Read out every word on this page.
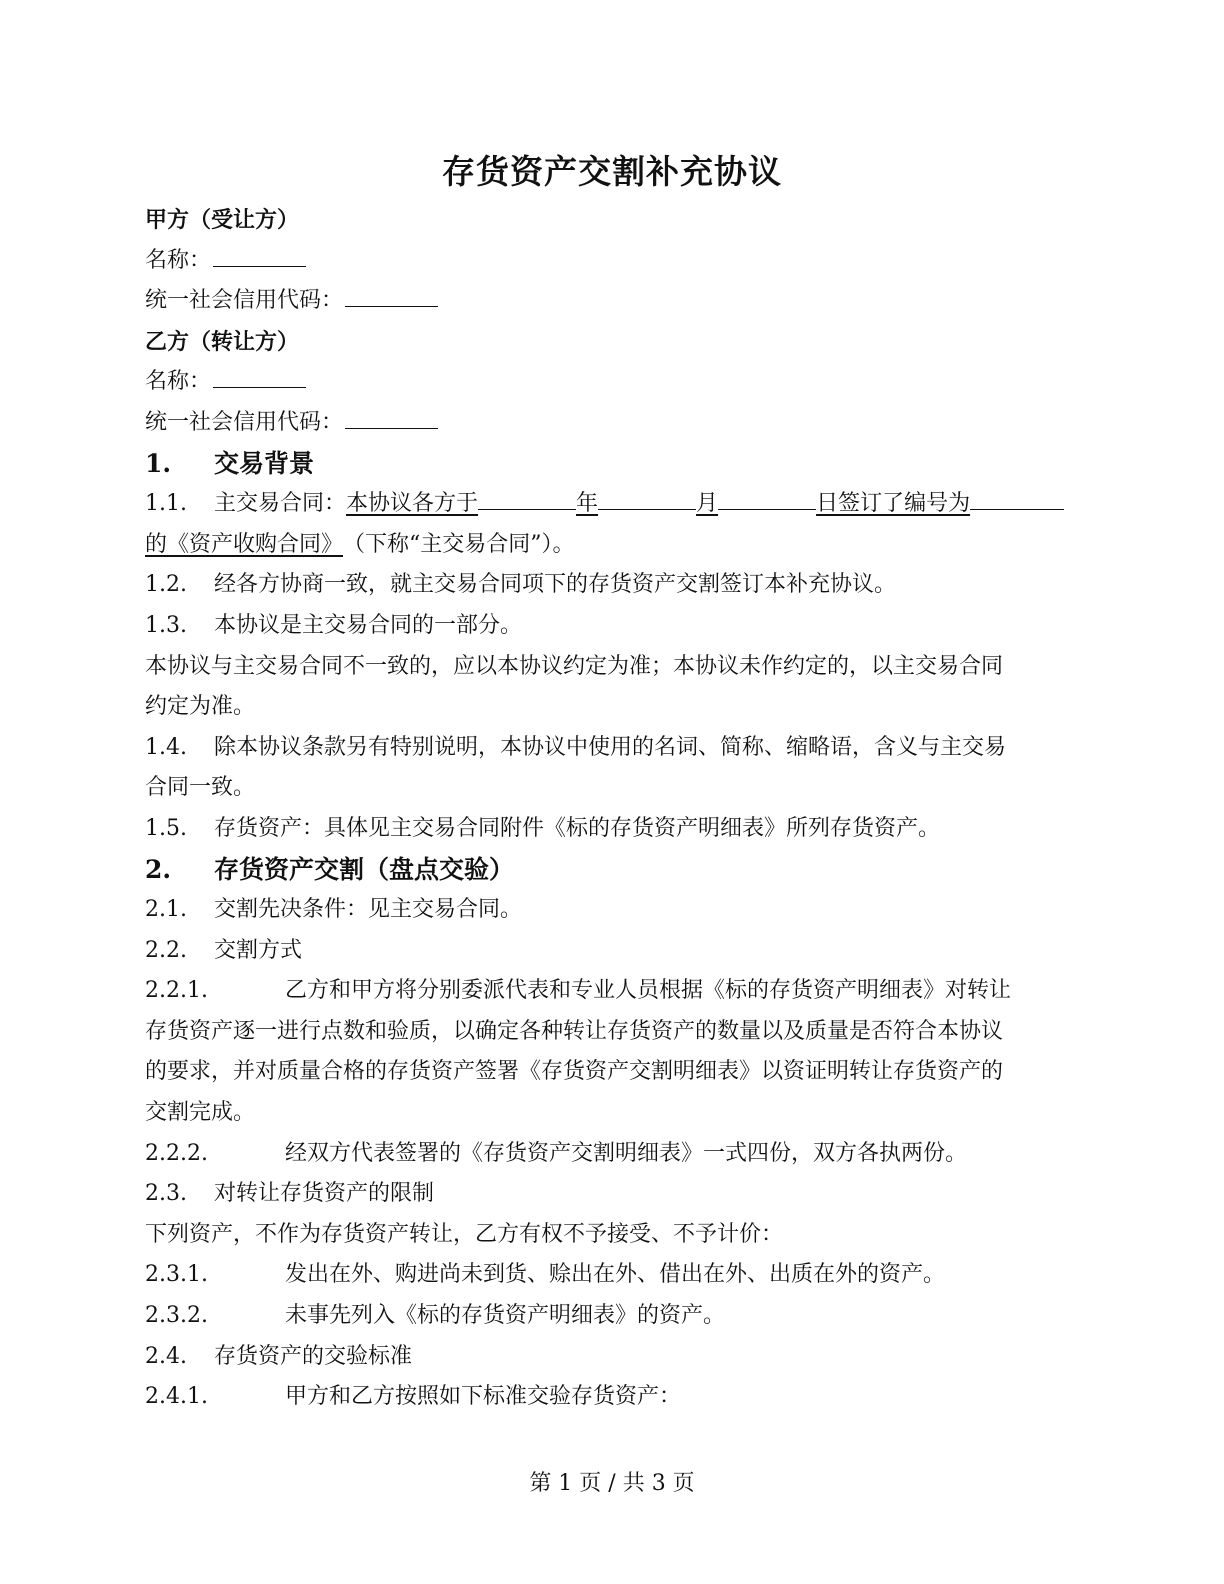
存货资产交割补充协议
甲方（受让方）
名称：
统一社会信用代码：
乙方（转让方）
名称：
统一社会信用代码：
1.	交易背景
1.1.	主交易合同： 本协议各方于	年	月	日签订了编号为
的《资产收购合同》 （下称“主交易合同”）。
1.2.	经各方协商一致，就主交易合同项下的存货资产交割签订本补充协议。
1.3.	本协议是主交易合同的一部分。
本协议与主交易合同不一致的，应以本协议约定为准；本协议未作约定的，以主交易合同
约定为准。
1.4.	除本协议条款另有特别说明，本协议中使用的名词、简称、缩略语，含义与主交易
合同一致。
1.5.	存货资产：具体见主交易合同附件《标的存货资产明细表》所列存货资产。
2.	存货资产交割（盘点交验）
2.1.	交割先决条件：见主交易合同。
2.2.	交割方式
2.2.1.	乙方和甲方将分别委派代表和专业人员根据《标的存货资产明细表》对转让
存货资产逐一进行点数和验质，以确定各种转让存货资产的数量以及质量是否符合本协议
的要求，并对质量合格的存货资产签署《存货资产交割明细表》以资证明转让存货资产的
交割完成。
2.2.2.	经双方代表签署的《存货资产交割明细表》一式四份，双方各执两份。
2.3.	对转让存货资产的限制
下列资产，不作为存货资产转让，乙方有权不予接受、不予计价：
2.3.1.	发出在外、购进尚未到货、赊出在外、借出在外、出质在外的资产。
2.3.2.	未事先列入《标的存货资产明细表》的资产。
2.4.	存货资产的交验标准
2.4.1.	甲方和乙方按照如下标准交验存货资产：
第 1 页 / 共 3 页
